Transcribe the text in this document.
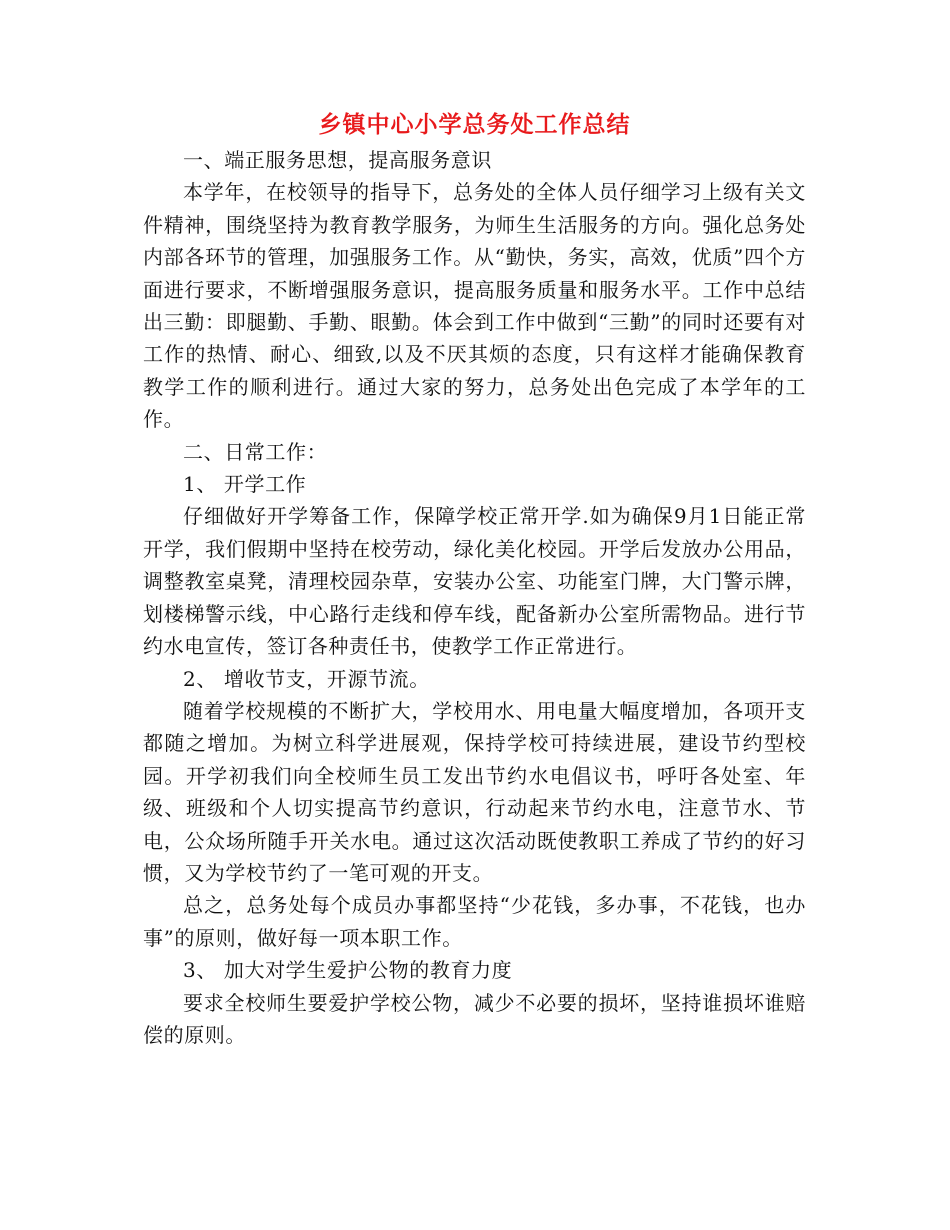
乡镇中心小学总务处工作总结

一、端正服务思想，提高服务意识

本学年，在校领导的指导下，总务处的全体人员仔细学习上级有关文件精神，围绕坚持为教育教学服务，为师生生活服务的方向。强化总务处内部各环节的管理，加强服务工作。从“勤快，务实，高效，优质”四个方面进行要求，不断增强服务意识，提高服务质量和服务水平。工作中总结出三勤：即腿勤、手勤、眼勤。体会到工作中做到“三勤”的同时还要有对工作的热情、耐心、细致,以及不厌其烦的态度，只有这样才能确保教育教学工作的顺利进行。通过大家的努力，总务处出色完成了本学年的工作。

二、日常工作：

1、 开学工作

仔细做好开学筹备工作，保障学校正常开学.如为确保9月1日能正常开学，我们假期中坚持在校劳动，绿化美化校园。开学后发放办公用品，调整教室桌凳，清理校园杂草，安装办公室、功能室门牌，大门警示牌，划楼梯警示线，中心路行走线和停车线，配备新办公室所需物品。进行节约水电宣传，签订各种责任书，使教学工作正常进行。

2、 增收节支，开源节流。

随着学校规模的不断扩大，学校用水、用电量大幅度增加，各项开支都随之增加。为树立科学进展观，保持学校可持续进展，建设节约型校园。开学初我们向全校师生员工发出节约水电倡议书，呼吁各处室、年级、班级和个人切实提高节约意识，行动起来节约水电，注意节水、节电，公众场所随手开关水电。通过这次活动既使教职工养成了节约的好习惯，又为学校节约了一笔可观的开支。

总之，总务处每个成员办事都坚持“少花钱，多办事，不花钱，也办事”的原则，做好每一项本职工作。

3、 加大对学生爱护公物的教育力度

要求全校师生要爱护学校公物，减少不必要的损坏，坚持谁损坏谁赔偿的原则。
